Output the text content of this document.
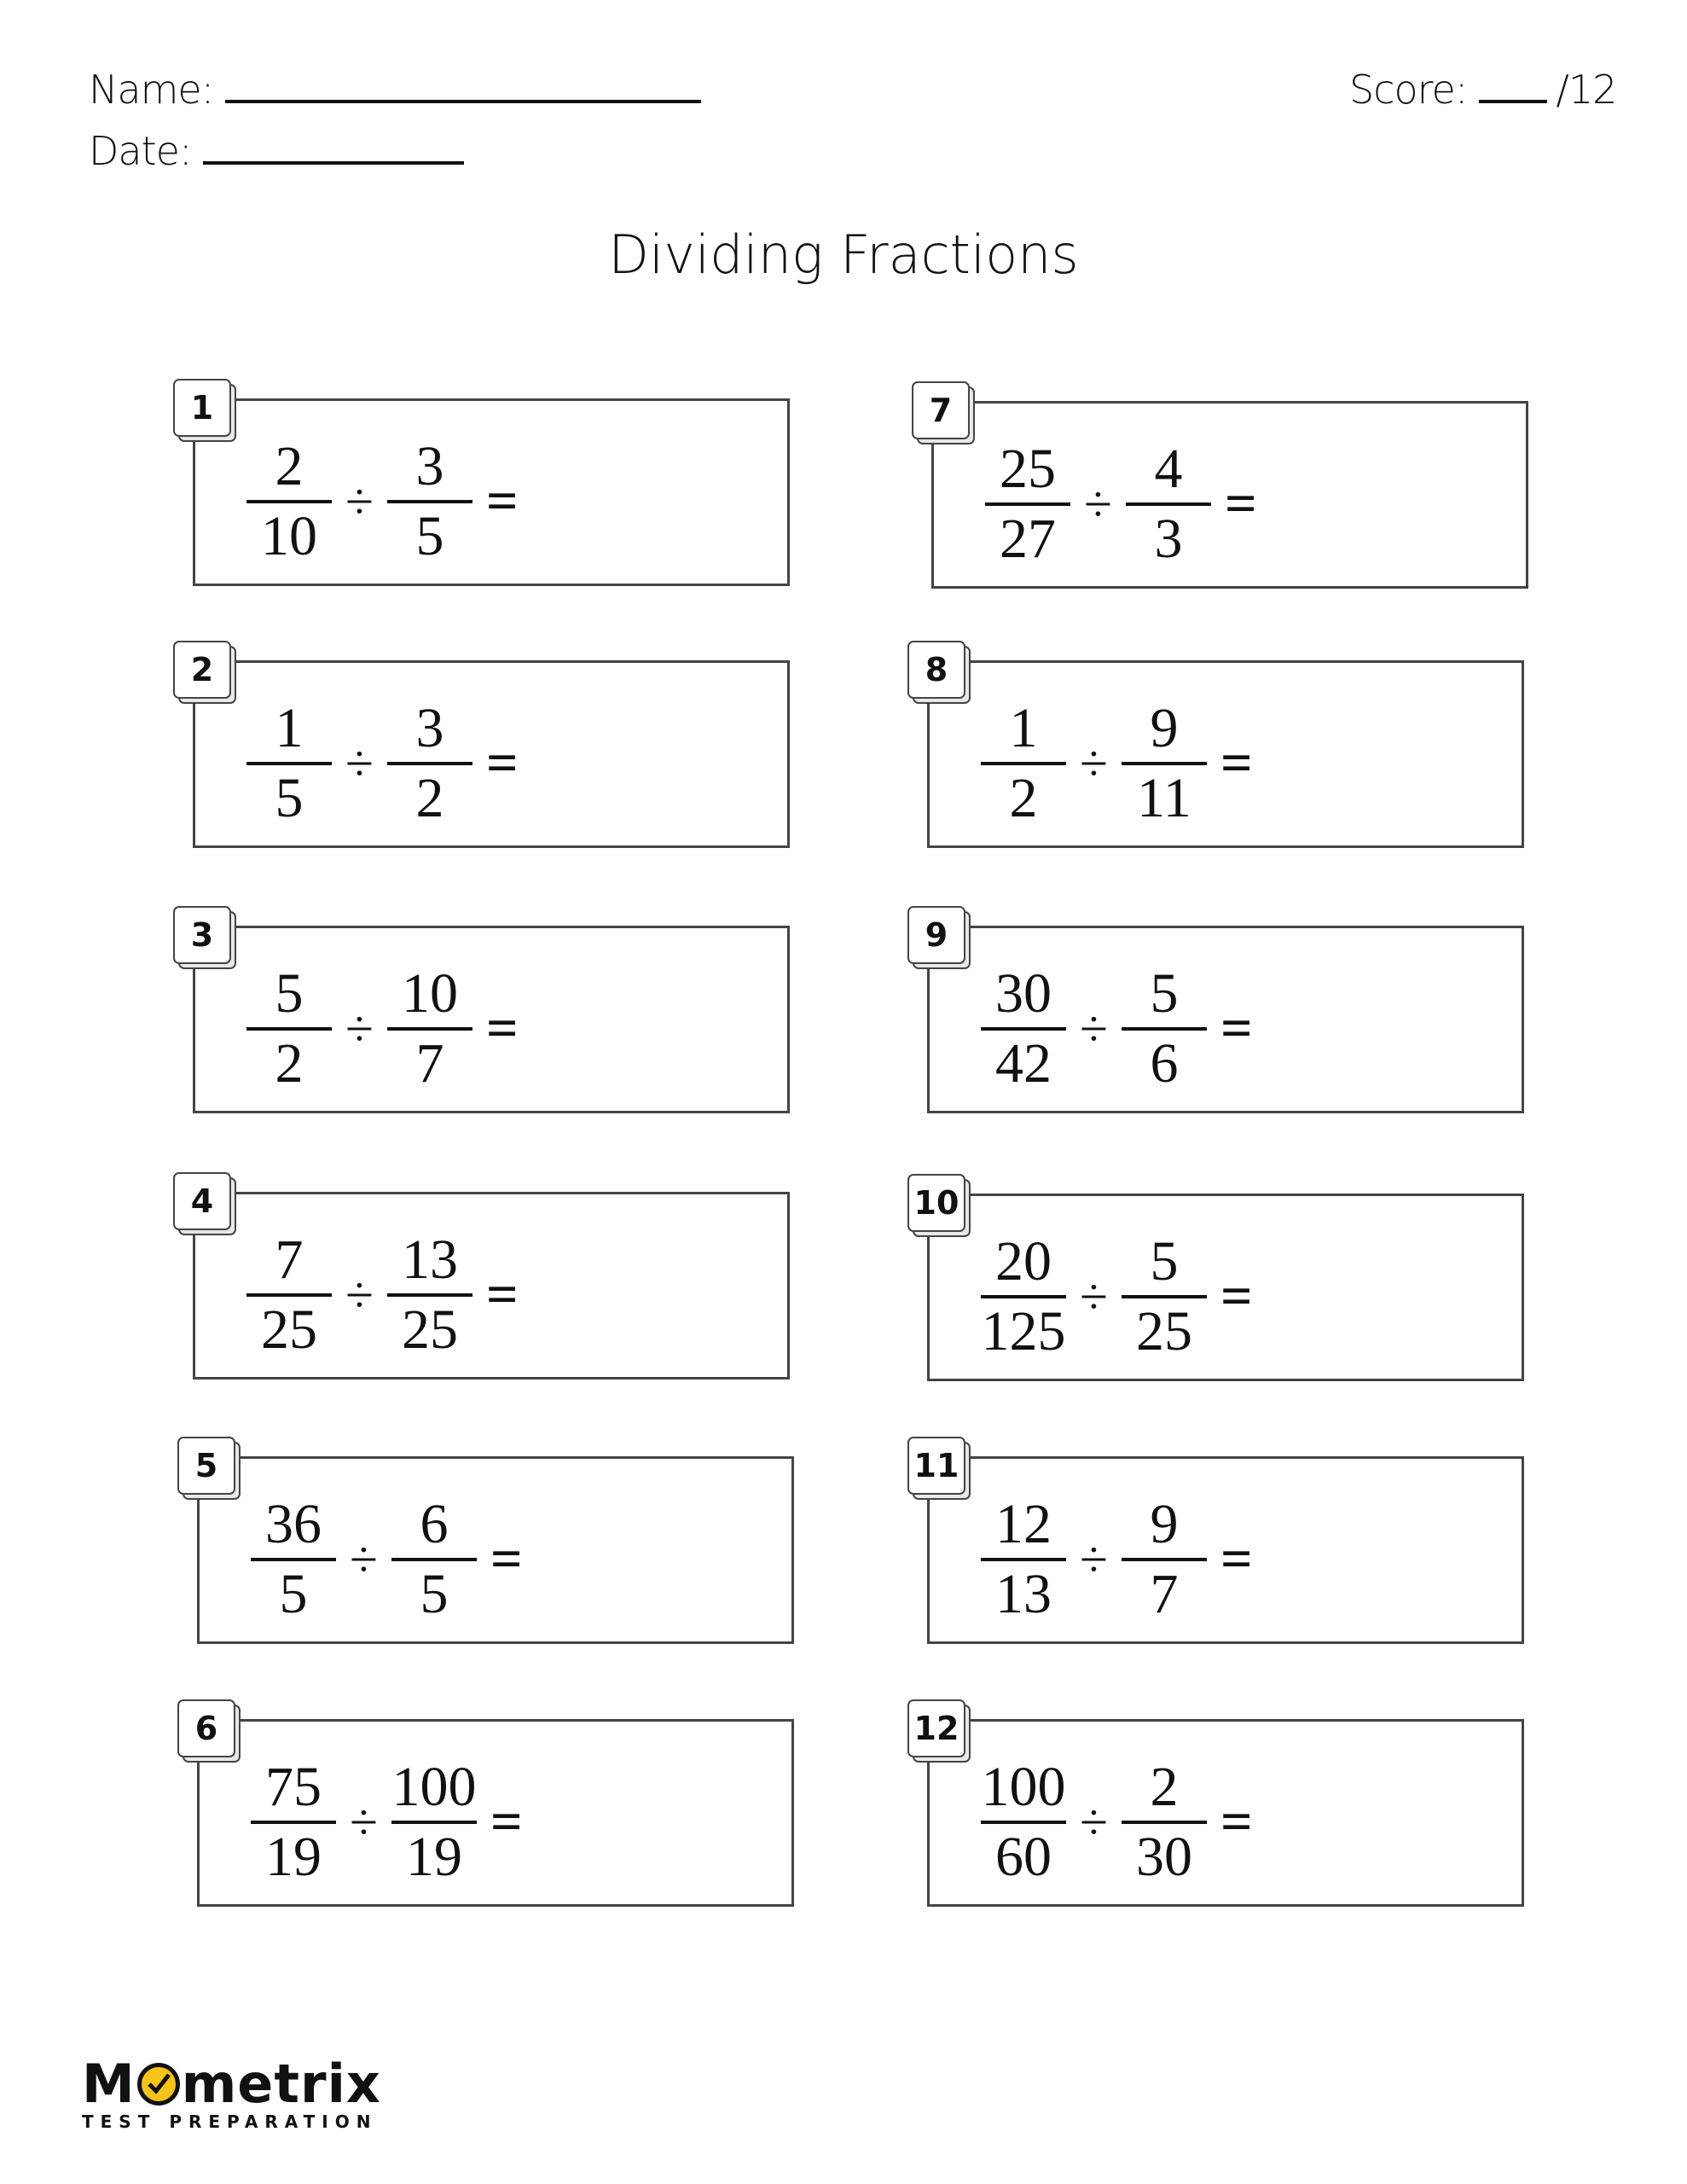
Name:
Date:
Score: /12
Dividing Fractions
1
$\frac{2}{10} \div \frac{3}{5}$ =
2
$\frac{1}{5} \div \frac{3}{2}$ =
3
$\frac{5}{2} \div \frac{10}{7}$ =
4
$\frac{7}{25} \div \frac{13}{25}$ =
5
$\frac{36}{5} \div \frac{6}{5}$ =
6
$\frac{75}{19} \div \frac{100}{19}$ =
7
$\frac{25}{27} \div \frac{4}{3}$ =
8
$\frac{1}{2} \div \frac{9}{11}$ =
9
$\frac{30}{42} \div \frac{5}{6}$ =
10
$\frac{20}{125} \div \frac{5}{25}$ =
11
$\frac{12}{13} \div \frac{9}{7}$ =
12
$\frac{100}{60} \div \frac{2}{30}$ =
M metrix
TEST PREPARATION
